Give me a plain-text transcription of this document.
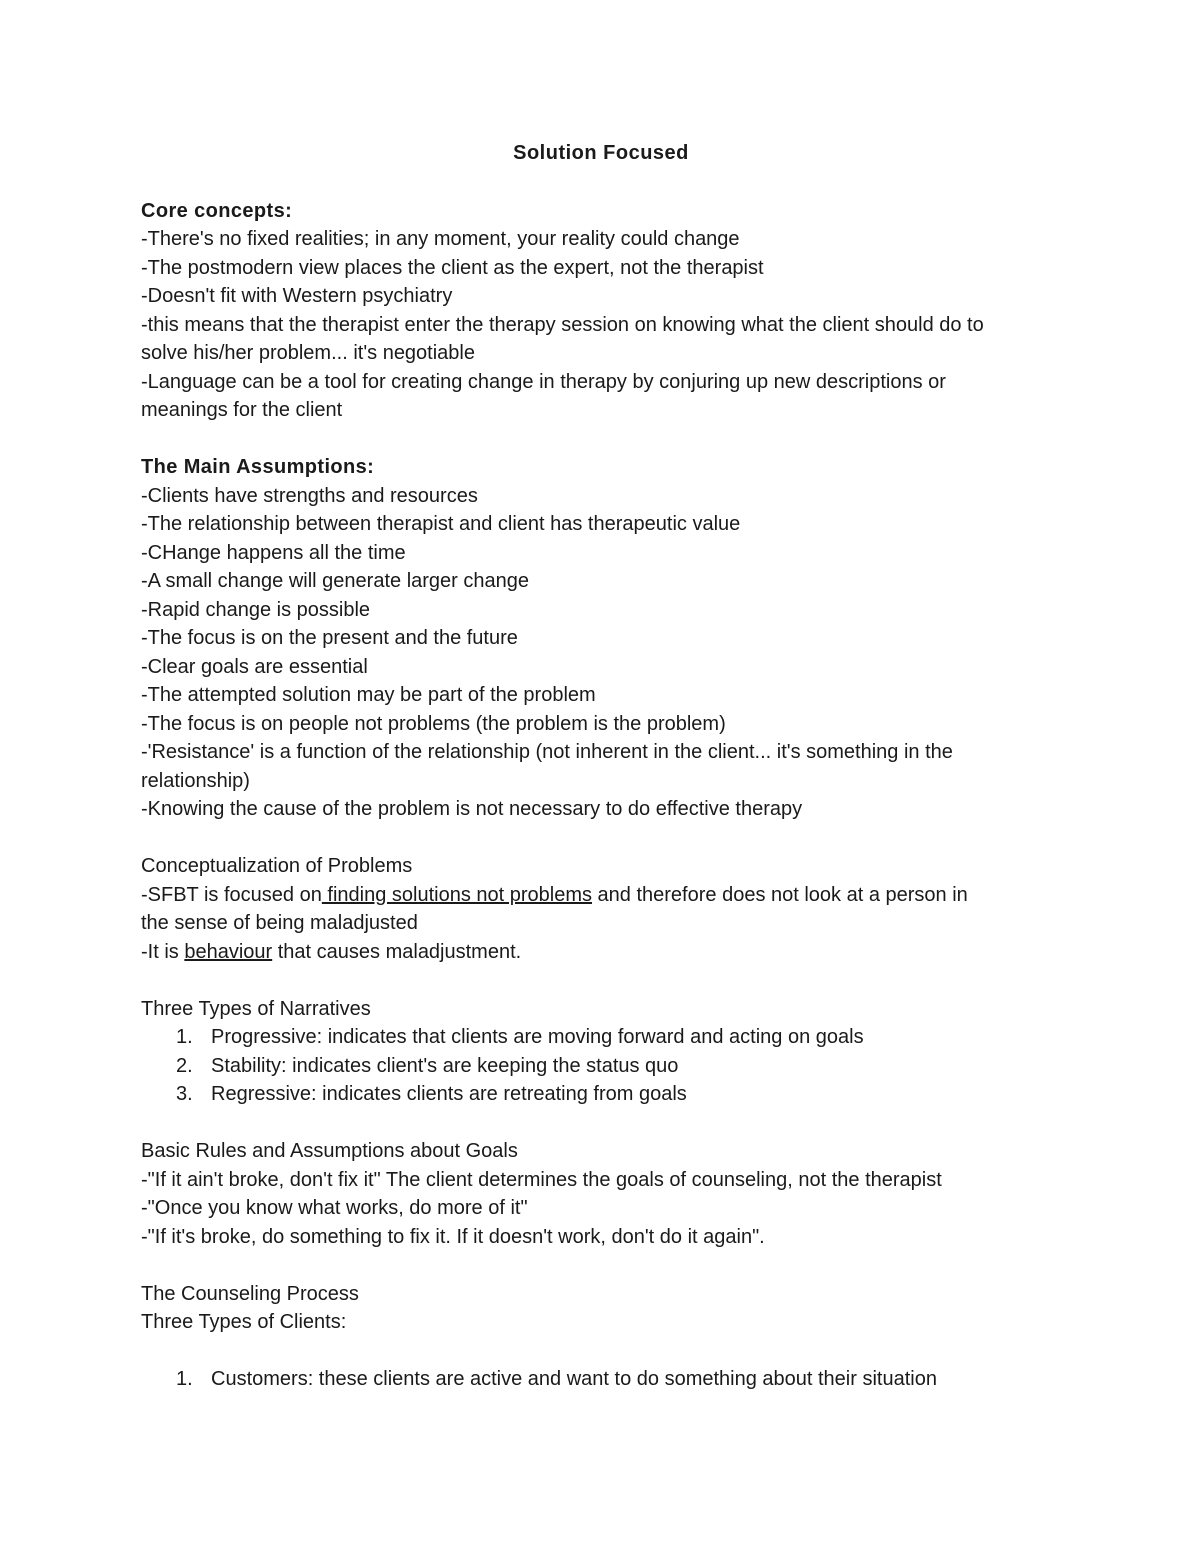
Solution Focused

Core concepts:

-There's no fixed realities; in any moment, your reality could change

-The postmodern view places the client as the expert, not the therapist

-Doesn't fit with Western psychiatry

-this means that the therapist enter the therapy session on knowing what the client should do to

solve his/her problem... it's negotiable

-Language can be a tool for creating change in therapy by conjuring up new descriptions or

meanings for the client

The Main Assumptions:

-Clients have strengths and resources

-The relationship between therapist and client has therapeutic value

-CHange happens all the time

-A small change will generate larger change

-Rapid change is possible

-The focus is on the present and the future

-Clear goals are essential

-The attempted solution may be part of the problem

-The focus is on people not problems (the problem is the problem)

-'Resistance' is a function of the relationship (not inherent in the client... it's something in the

relationship)

-Knowing the cause of the problem is not necessary to do effective therapy

Conceptualization of Problems

-SFBT is focused on finding solutions not problems and therefore does not look at a person in

the sense of being maladjusted

-It is behaviour that causes maladjustment.

Three Types of Narratives

1. Progressive: indicates that clients are moving forward and acting on goals
2. Stability: indicates client's are keeping the status quo
3. Regressive: indicates clients are retreating from goals

Basic Rules and Assumptions about Goals

-"If it ain't broke, don't fix it" The client determines the goals of counseling, not the therapist

-"Once you know what works, do more of it"

-"If it's broke, do something to fix it. If it doesn't work, don't do it again".

The Counseling Process

Three Types of Clients:

1. Customers: these clients are active and want to do something about their situation
